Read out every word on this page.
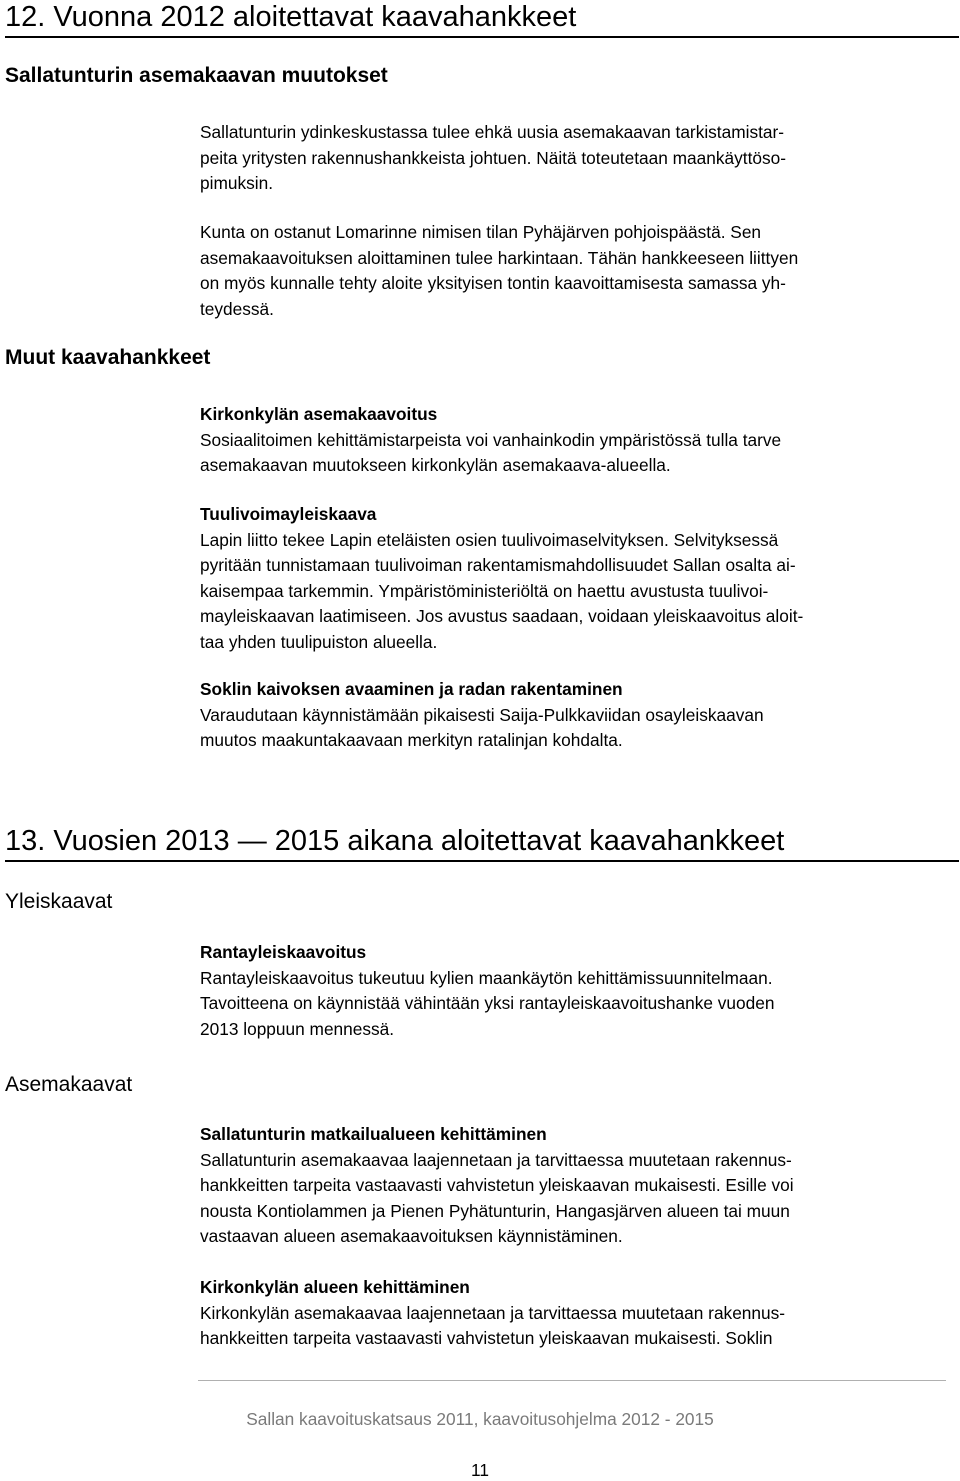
12. Vuonna 2012 aloitettavat kaavahankkeet
Sallatunturin asemakaavan muutokset
Muut kaavahankkeet
Sallatunturin ydinkeskustassa tulee ehkä uusia asemakaavan tarkistamistar-
peita yritysten rakennushankkeista johtuen. Näitä toteutetaan maankäyttöso-
pimuksin.
Kunta on ostanut Lomarinne nimisen tilan Pyhäjärven pohjoispäästä. Sen
asemakaavoituksen aloittaminen tulee harkintaan. Tähän hankkeeseen liittyen
on myös kunnalle tehty aloite yksityisen tontin kaavoittamisesta samassa yh-
teydessä.
Kirkonkylän asemakaavoitus
Sosiaalitoimen kehittämistarpeista voi vanhainkodin ympäristössä tulla tarve
asemakaavan muutokseen kirkonkylän asemakaava-alueella.
Tuulivoimayleiskaava
Lapin liitto tekee Lapin eteläisten osien tuulivoimaselvityksen. Selvityksessä
pyritään tunnistamaan tuulivoiman rakentamismahdollisuudet Sallan osalta ai-
kaisempaa tarkemmin. Ympäristöministeriöltä on haettu avustusta tuulivoi-
mayleiskaavan laatimiseen. Jos avustus saadaan, voidaan yleiskaavoitus aloit-
taa yhden tuulipuiston alueella.
Soklin kaivoksen avaaminen ja radan rakentaminen
Varaudutaan käynnistämään pikaisesti Saija-Pulkkaviidan osayleiskaavan
muutos maakuntakaavaan merkityn ratalinjan kohdalta.
13. Vuosien 2013 — 2015 aikana aloitettavat kaavahankkeet
Yleiskaavat
Asemakaavat
Rantayleiskaavoitus
Rantayleiskaavoitus tukeutuu kylien maankäytön kehittämissuunnitelmaan.
Tavoitteena on käynnistää vähintään yksi rantayleiskaavoitushanke vuoden
2013 loppuun mennessä.
Sallatunturin matkailualueen kehittäminen
Sallatunturin asemakaavaa laajennetaan ja tarvittaessa muutetaan rakennus-
hankkeitten tarpeita vastaavasti vahvistetun yleiskaavan mukaisesti. Esille voi
nousta Kontiolammen ja Pienen Pyhätunturin, Hangasjärven alueen tai muun
vastaavan alueen asemakaavoituksen käynnistäminen.
Kirkonkylän alueen kehittäminen
Kirkonkylän asemakaavaa laajennetaan ja tarvittaessa muutetaan rakennus-
hankkeitten tarpeita vastaavasti vahvistetun yleiskaavan mukaisesti. Soklin
Sallan kaavoituskatsaus 2011, kaavoitusohjelma 2012 - 2015
11
